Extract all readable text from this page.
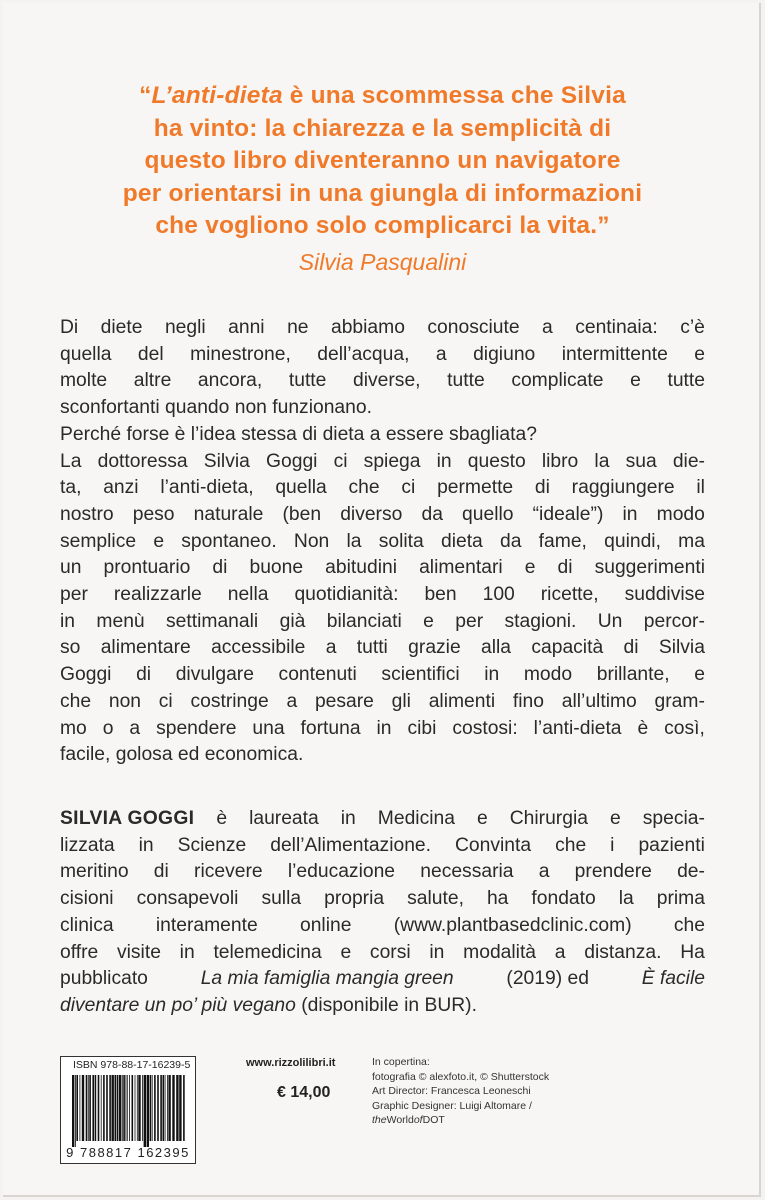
“L’anti-dieta è una scommessa che Silvia
ha vinto: la chiarezza e la semplicità di
questo libro diventeranno un navigatore
per orientarsi in una giungla di informazioni
che vogliono solo complicarci la vita.”
Silvia Pasqualini
Di diete negli anni ne abbiamo conosciute a centinaia: c’è
quella del minestrone, dell’acqua, a digiuno intermittente e
molte altre ancora, tutte diverse, tutte complicate e tutte
sconfortanti quando non funzionano.
Perché forse è l’idea stessa di dieta a essere sbagliata?
La dottoressa Silvia Goggi ci spiega in questo libro la sua die-
ta, anzi l’anti-dieta, quella che ci permette di raggiungere il
nostro peso naturale (ben diverso da quello “ideale”) in modo
semplice e spontaneo. Non la solita dieta da fame, quindi, ma
un prontuario di buone abitudini alimentari e di suggerimenti
per realizzarle nella quotidianità: ben 100 ricette, suddivise
in menù settimanali già bilanciati e per stagioni. Un percor-
so alimentare accessibile a tutti grazie alla capacità di Silvia
Goggi di divulgare contenuti scientifici in modo brillante, e
che non ci costringe a pesare gli alimenti fino all’ultimo gram-
mo o a spendere una fortuna in cibi costosi: l’anti-dieta è così,
facile, golosa ed economica.
SILVIA GOGGI è laureata in Medicina e Chirurgia e specia-
lizzata in Scienze dell’Alimentazione. Convinta che i pazienti
meritino di ricevere l’educazione necessaria a prendere de-
cisioni consapevoli sulla propria salute, ha fondato la prima
clinica interamente online (www.plantbasedclinic.com) che
offre visite in telemedicina e corsi in modalità a distanza. Ha
pubblicato	La mia famiglia mangia green	(2019) ed	È facile
diventare un po’ più vegano (disponibile in BUR).
ISBN 978-88-17-16239-5
9 788817 162395
www.rizzolilibri.it
€ 14,00
In copertina:
fotografia © alexfoto.it, © Shutterstock
Art Director: Francesca Leoneschi
Graphic Designer: Luigi Altomare /
theWorldofDOT
